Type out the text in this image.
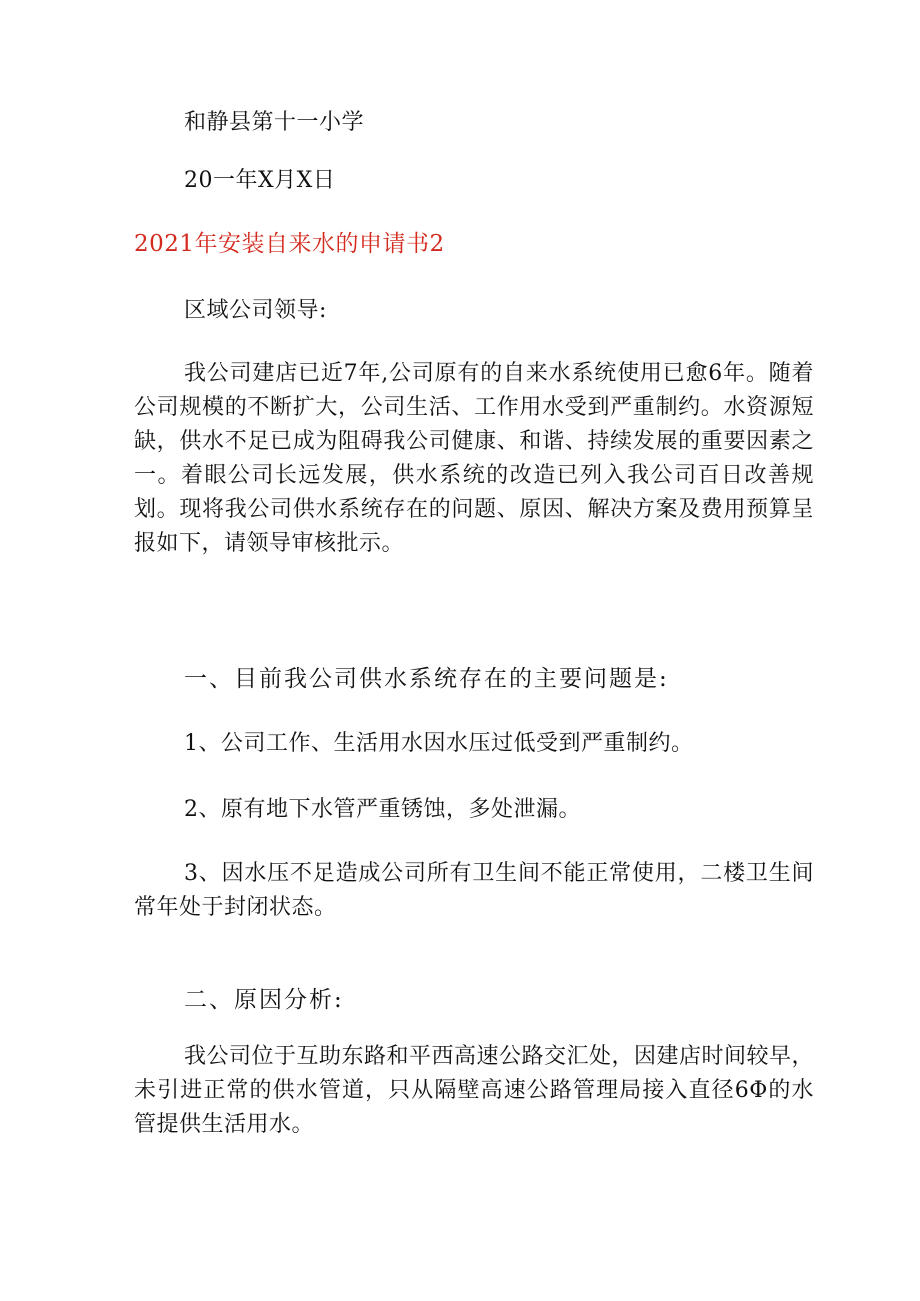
和静县第十一小学
20一年X月X日
2021年安装自来水的申请书2
区域公司领导:
我公司建店已近7年,公司原有的自来水系统使用已愈6年。随着公司规模的不断扩大，公司生活、工作用水受到严重制约。水资源短缺，供水不足已成为阻碍我公司健康、和谐、持续发展的重要因素之一。着眼公司长远发展，供水系统的改造已列入我公司百日改善规划。现将我公司供水系统存在的问题、原因、解决方案及费用预算呈报如下，请领导审核批示。
一、目前我公司供水系统存在的主要问题是:
1、公司工作、生活用水因水压过低受到严重制约。
2、原有地下水管严重锈蚀，多处泄漏。
3、因水压不足造成公司所有卫生间不能正常使用，二楼卫生间常年处于封闭状态。
二、原因分析:
我公司位于互助东路和平西高速公路交汇处，因建店时间较早，未引进正常的供水管道，只从隔壁高速公路管理局接入直径6Φ的水管提供生活用水。
